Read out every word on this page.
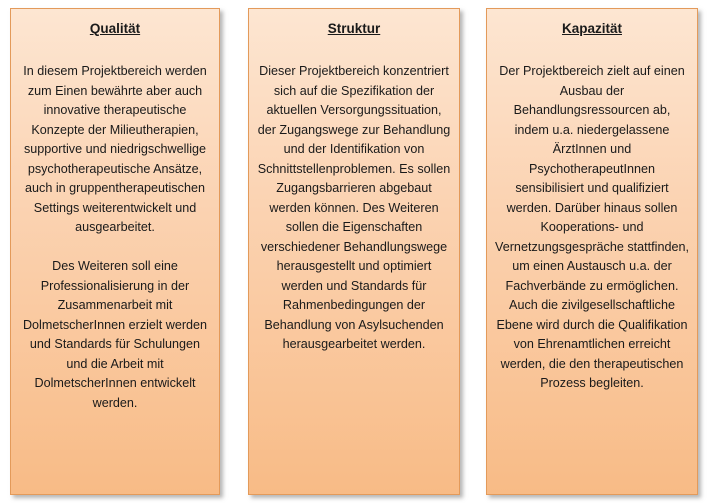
Qualität

In diesem Projektbereich werden zum Einen bewährte aber auch innovative therapeutische Konzepte der Milieutherapien, supportive und niedrigschwellige psychotherapeutische Ansätze, auch in gruppentherapeutischen Settings weiterentwickelt und ausgearbeitet.

Des Weiteren soll eine Professionalisierung in der Zusammenarbeit mit DolmetscherInnen erzielt werden und Standards für Schulungen und die Arbeit mit DolmetscherInnen entwickelt werden.

Struktur

Dieser Projektbereich konzentriert sich auf die Spezifikation der aktuellen Versorgungssituation, der Zugangswege zur Behandlung und der Identifikation von Schnittstellenproblemen. Es sollen Zugangsbarrieren abgebaut werden können. Des Weiteren sollen die Eigenschaften verschiedener Behandlungswege herausgestellt und optimiert werden und Standards für Rahmenbedingungen der Behandlung von Asylsuchenden herausgearbeitet werden.

Kapazität

Der Projektbereich zielt auf einen Ausbau der Behandlungsressourcen ab, indem u.a. niedergelassene ÄrztInnen und PsychotherapeutInnen sensibilisiert und qualifiziert werden. Darüber hinaus sollen Kooperations- und Vernetzungsgespräche stattfinden, um einen Austausch u.a. der Fachverbände zu ermöglichen. Auch die zivilgesellschaftliche Ebene wird durch die Qualifikation von Ehrenamtlichen erreicht werden, die den therapeutischen Prozess begleiten.
